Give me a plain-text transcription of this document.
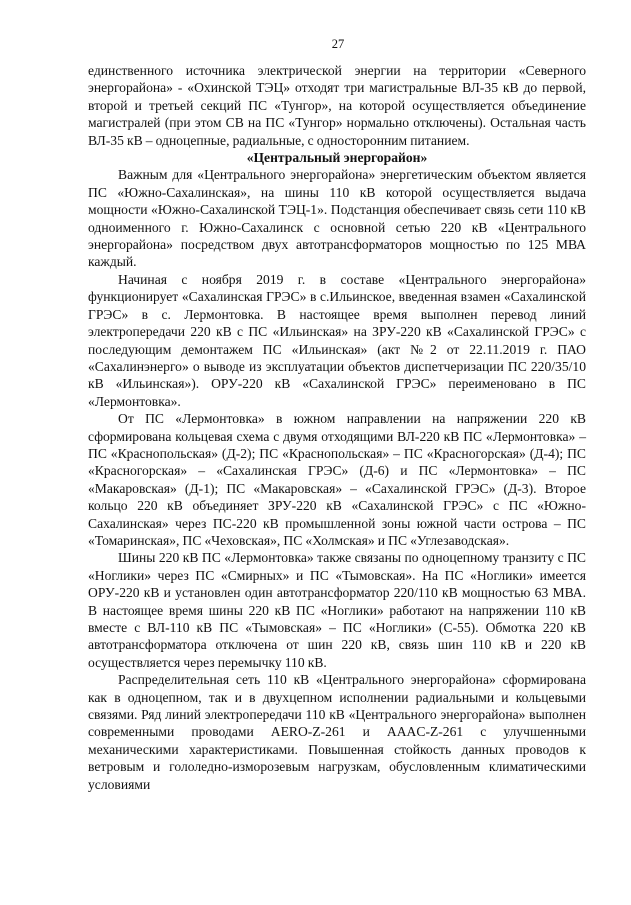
27

единственного источника электрической энергии на территории «Северного энергорайона» - «Охинской ТЭЦ» отходят три магистральные ВЛ-35 кВ до первой, второй и третьей секций ПС «Тунгор», на которой осуществляется объединение магистралей (при этом СВ на ПС «Тунгор» нормально отключены). Остальная часть ВЛ-35 кВ – одноцепные, радиальные, с односторонним питанием.

«Центральный энергорайон»

Важным для «Центрального энергорайона» энергетическим объектом является ПС «Южно-Сахалинская», на шины 110 кВ которой осуществляется выдача мощности «Южно-Сахалинской ТЭЦ-1». Подстанция обеспечивает связь сети 110 кВ одноименного г. Южно-Сахалинск с основной сетью 220 кВ «Центрального энергорайона» посредством двух автотрансформаторов мощностью по 125 МВА каждый.

Начиная с ноября 2019 г. в составе «Центрального энергорайона» функционирует «Сахалинская ГРЭС» в с.Ильинское, введенная взамен «Сахалинской ГРЭС» в с. Лермонтовка. В настоящее время выполнен перевод линий электропередачи 220 кВ с ПС «Ильинская» на ЗРУ-220 кВ «Сахалинской ГРЭС» с последующим демонтажем ПС «Ильинская» (акт №2 от 22.11.2019 г. ПАО «Сахалинэнерго» о выводе из эксплуатации объектов диспетчеризации ПС 220/35/10 кВ «Ильинская»). ОРУ-220 кВ «Сахалинской ГРЭС» переименовано в ПС «Лермонтовка».

От ПС «Лермонтовка» в южном направлении на напряжении 220 кВ сформирована кольцевая схема с двумя отходящими ВЛ-220 кВ ПС «Лермонтовка» – ПС «Краснопольская» (Д-2); ПС «Краснопольская» – ПС «Красногорская» (Д-4); ПС «Красногорская» – «Сахалинская ГРЭС» (Д-6) и ПС «Лермонтовка» – ПС «Макаровская» (Д-1); ПС «Макаровская» – «Сахалинской ГРЭС» (Д-3). Второе кольцо 220 кВ объединяет ЗРУ-220 кВ «Сахалинской ГРЭС» с ПС «Южно-Сахалинская» через ПС-220 кВ промышленной зоны южной части острова – ПС «Томаринская», ПС «Чеховская», ПС «Холмская» и ПС «Углезаводская».

Шины 220 кВ ПС «Лермонтовка» также связаны по одноцепному транзиту с ПС «Ноглики» через ПС «Смирных» и ПС «Тымовская». На ПС «Ноглики» имеется ОРУ-220 кВ и установлен один автотрансформатор 220/110 кВ мощностью 63 МВА. В настоящее время шины 220 кВ ПС «Ноглики» работают на напряжении 110 кВ вместе с ВЛ-110 кВ ПС «Тымовская» – ПС «Ноглики» (С-55). Обмотка 220 кВ автотрансформатора отключена от шин 220 кВ, связь шин 110 кВ и 220 кВ осуществляется через перемычку 110 кВ.

Распределительная сеть 110 кВ «Центрального энергорайона» сформирована как в одноцепном, так и в двухцепном исполнении радиальными и кольцевыми связями. Ряд линий электропередачи 110 кВ «Центрального энергорайона» выполнен современными проводами AERO-Z-261 и AAAC-Z-261 с улучшенными механическими характеристиками. Повышенная стойкость данных проводов к ветровым и гололедно-изморозевым нагрузкам, обусловленным климатическими условиями
